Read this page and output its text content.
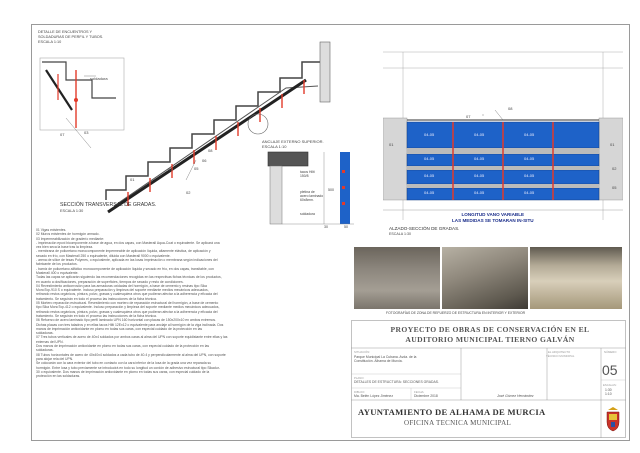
DETALLE DE ENCUENTROS Y
SOLDADURAS DE PERFIL Y TUBOS.
ESCALA 1:10
01
02
03
04	05
06
07
08
soldadura
SECCIÓN TRANSVERSAL DE GRADAS.
ESCALA 1:30
ANCLAJE EXTERNO SUPERIOR.
ESCALA 1:10
tacos Hilti
150/8
pletina de
acero laminado
60x8mm.
500
30	50
soldadura
01	01
07
08
02
05
04-05	04-05	04-05
04-05	04-05	04-05
04-05	04-05	04-05
04-05	04-05	04-05
LONGITUD VANO VARIABLE
LAS MEDIDAS SE TOMARAN IN-SITU
ALZADO-SECCIÓN DE GRADAS.
ESCALA 1:30
01 Vigas existentes.
02 Muros existentes de hormigón armado.
03 Impermeabilización de graderío mediante:
- imprimación epoxi bicomponente a base de agua, en dos capas, con Masterall Aqua-Coat o equivalente. Se aplicará una
vez bien seca la base tras la limpieza.
- membrana de poliuretano monocomponente impermeable de aplicación líquida, altamente elástica, de aplicación y
secado en frío, con Masterall 250 o equivalente, diluida con Masterall 9000 o equivalente.
- arena de sílice de tesas Polymes, o equivalente, aplicada en las losas imprimación o membrana según indicaciones del
fabricante de los productos.
- barniz de poliuretano alifático monocomponente de aplicación líquida y secado en frío, en dos capas, transitable, con
Masterall 400 o equivalente.
Todas las capas se aplicarán siguiendo las recomendaciones recogidas en las respectivas fichas técnicas de los productos,
en cuanto a dosificaciones, preparación de superficies, tiempos de secado y resto de condiciones.
04 Revestimiento anticorrosión para las armaduras oxidadas del hormigón, a base de cemento y resinas tipo Sika
MonoTop-910 S o equivalente. Incluso preparación y limpieza del soporte mediante medios mecánicos adecuados,
retirando restos orgánicos, pintura, polvo, grasas y cualesquiera otros que pudieran afectar a la adherencia y eficacia del
tratamiento. Se seguirán en todo el proceso las instrucciones de la ficha técnica.
05 Mortero reparación estructural. Revestimiento con mortero de reparación estructural del hormigón, a base de cemento
tipo Sika MonoTop-412 o equivalente. Incluso preparación y limpieza del soporte mediante medios mecánicos adecuados,
retirando restos orgánicos, pintura, polvo, grasas y cualesquiera otros que pudieran afectar a la adherencia y eficacia del
tratamiento. Se seguirán en todo el proceso las instrucciones de la ficha técnica.
06 Refuerzo de acero laminado tipo perfil laminado UPN 160 horizontal con placas de 150x200x10 en ambos extremos.
Dichas placas con tres taladros y en ellas tacos Hilti 12Ex12 o equivalente para anclaje al hormigón de la viga inclinada. Dos
manos de imprimación antioxidante en plomo en todas sus caras, con especial cuidado de la protección en las
soldaduras.
07 Tres tubos verticales de acero de 40x4 soldados por ambos caras al alma del UPN con soporte equidistante entre ellas y las
externas del UPN.
Dos manos de imprimación antioxidante en plomo en todas sus caras, con especial cuidado de la protección en las
soldaduras.
08 Tubos horizontales de acero de 40x40x4 soldados a cada tubo de 40.4 y perpendicularmente al alma del UPN, con soporte
para alojar rela del UPN.
Se colocarán con la cara exterior del tubo en contacto con la cara inferior de la losa de la grada una vez reparada su
hormigón. Entre losa y tubo previamente se introducirá en todo su longitud un cordón de adhesivo estructural tipo Sikadur-
30 o equivalente. Dos manos de imprimación antioxidante en plomo en todas sus caras, con especial cuidado de la
protección en las soldaduras.
FOTOGRAFÍAS DE ZONA DE REFUERZO DE ESTRUCTURA EN INTERIOR Y EXTERIOR
PROYECTO DE OBRAS DE CONSERVACIÓN EN EL
AUDITORIO MUNICIPAL TIERNO GALVÁN
SITUACIÓN:
Parque Municipal La Cubana. Avda. de la
Constitución. Alhama de Murcia.
PLANO:
DETALLES DE ESTRUCTURA: SECCIONES GRADAS.
DIBUJO:
Ma. Belén López Jiménez
FECHA:
Diciembre 2018
EL ARQUITECTO
TÉCNICO MUNICIPAL
José Gómez Hernández
NÚMERO
05
ESCALAS:
1:30
1:10
AYUNTAMIENTO DE ALHAMA DE MURCIA
OFICINA TECNICA MUNICIPAL
